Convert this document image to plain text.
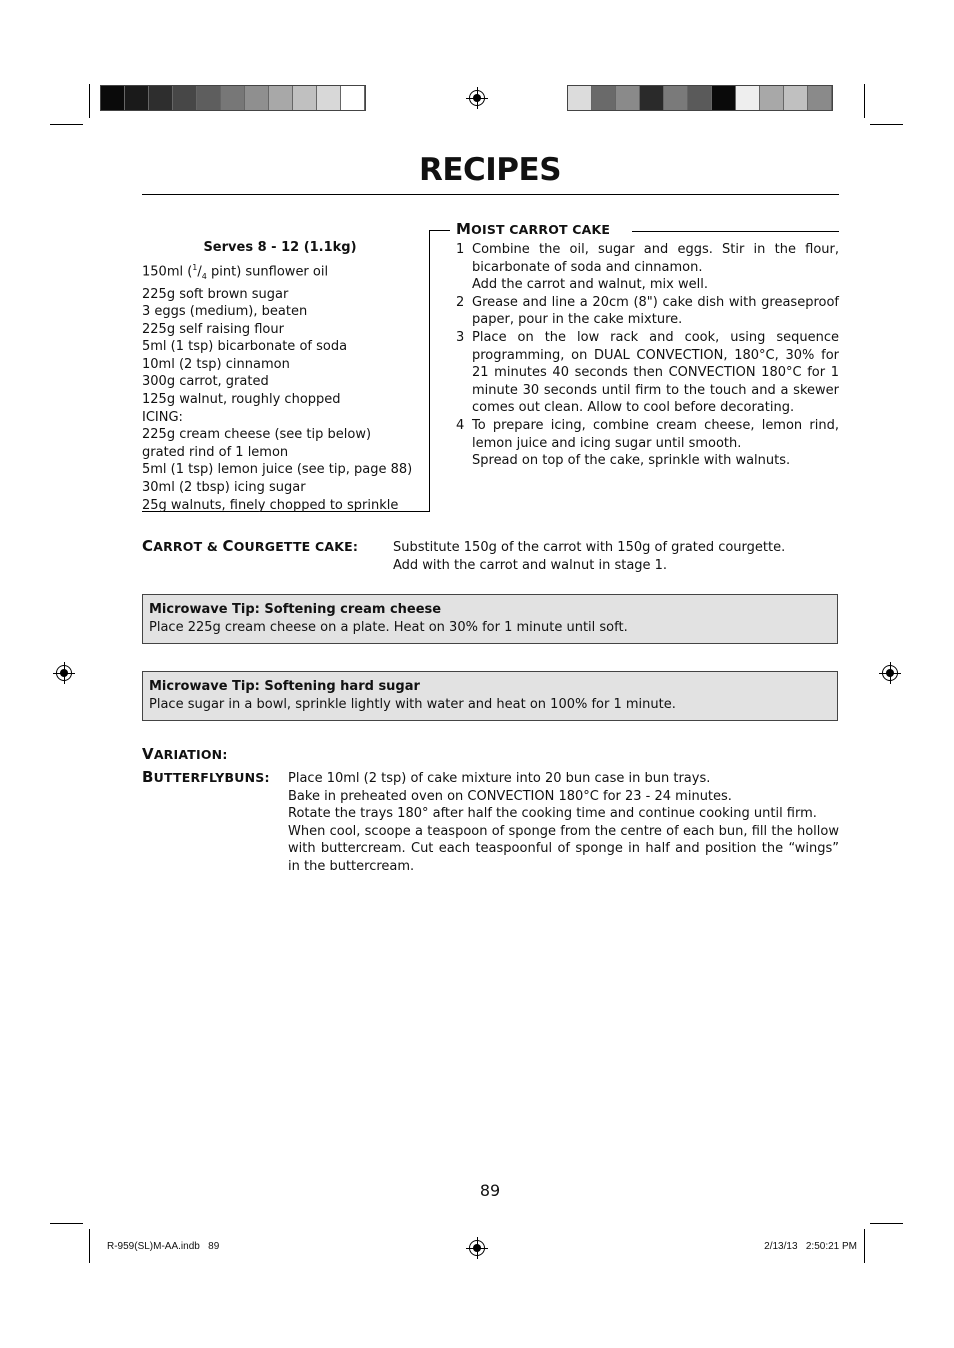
RECIPES
Serves 8 - 12 (1.1kg)
150ml ($^1/_4$ pint) sunflower oil
225g soft brown sugar
3 eggs (medium), beaten
225g self raising flour
5ml (1 tsp) bicarbonate of soda
10ml (2 tsp) cinnamon
300g carrot, grated
125g walnut, roughly chopped
ICING:
225g cream cheese (see tip below)
grated rind of 1 lemon
5ml (1 tsp) lemon juice (see tip, page 88)
30ml (2 tbsp) icing sugar
25g walnuts, finely chopped to sprinkle
MOIST CARROT CAKE
1 Combine the oil, sugar and eggs. Stir in the flour, bicarbonate of soda and cinnamon.
Add the carrot and walnut, mix well.
2 Grease and line a 20cm (8") cake dish with greaseproof paper, pour in the cake mixture.
3 Place on the low rack and cook, using sequence programming, on DUAL CONVECTION, 180°C, 30% for 21 minutes 40 seconds then CONVECTION 180°C for 1 minute 30 seconds until firm to the touch and a skewer comes out clean. Allow to cool before decorating.
4 To prepare icing, combine cream cheese, lemon rind, lemon juice and icing sugar until smooth.
Spread on top of the cake, sprinkle with walnuts.
CARROT & COURGETTE CAKE:	Substitute 150g of the carrot with 150g of grated courgette.
Add with the carrot and walnut in stage 1.
Microwave Tip: Softening cream cheese
Place 225g cream cheese on a plate. Heat on 30% for 1 minute until soft.
Microwave Tip: Softening hard sugar
Place sugar in a bowl, sprinkle lightly with water and heat on 100% for 1 minute.
VARIATION:
BUTTERFLYBUNS: Place 10ml (2 tsp) of cake mixture into 20 bun case in bun trays.
Bake in preheated oven on CONVECTION 180°C for 23 - 24 minutes.
Rotate the trays 180° after half the cooking time and continue cooking until firm.
When cool, scoope a teaspoon of sponge from the centre of each bun, fill the hollow with buttercream. Cut each teaspoonful of sponge in half and position the “wings” in the buttercream.
89
R-959(SL)M-AA.indb   89	2/13/13   2:50:21 PM
